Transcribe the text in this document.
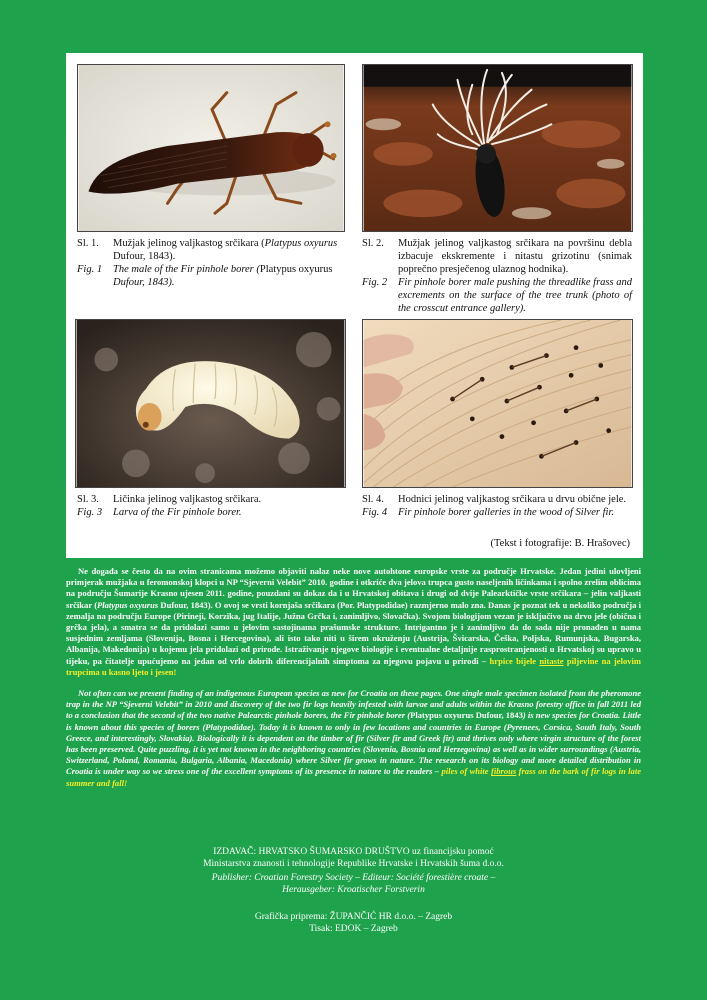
Sl. 1.	Mužjak jelinog valjkastog srčikara (Platypus oxyurus Dufour, 1843).
Fig. 1	The male of the Fir pinhole borer (Platypus oxyurus Dufour, 1843).
Sl. 2.	Mužjak jelinog valjkastog srčikara na površinu debla izbacuje ekskremente i nitastu grizotinu (snimak poprečno presječenog ulaznog hodnika).
Fig. 2	Fir pinhole borer male pushing the threadlike frass and excrements on the surface of the tree trunk (photo of the crosscut entrance gallery).
Sl. 3.	Ličinka jelinog valjkastog srčikara.
Fig. 3	Larva of the Fir pinhole borer.
Sl. 4.	Hodnici jelinog valjkastog srčikara u drvu obične jele.
Fig. 4	Fir pinhole borer galleries in the wood of Silver fir.
(Tekst i fotografije: B. Hrašovec)
Ne događa se često da na ovim stranicama možemo objaviti nalaz neke nove autohtone europske vrste za područje Hrvatske. Jedan jedini ulovljeni primjerak mužjaka u feromonskoj klopci u NP “Sjeverni Velebit” 2010. godine i otkriće dva jelova trupca gusto naseljenih ličinkama i spolno zrelim oblicima na području Šumarije Krasno ujesen 2011. godine, pouzdani su dokaz da i u Hrvatskoj obitava i drugi od dvije Palearktičke vrste srčikara – jelin valjkasti srčikar (Platypus oxyurus Dufour, 1843). O ovoj se vrsti kornjaša srčikara (Por. Platypodidae) razmjerno malo zna. Danas je poznat tek u nekoliko područja i zemalja na području Europe (Pirineji, Korzika, jug Italije, Južna Grčka i, zanimljivo, Slovačka). Svojom biologijom vezan je isključivo na drvo jele (obična i grčka jela), a smatra se da pridolazi samo u jelovim sastojinama prašumske strukture. Intrigantno je i zanimljivo da do sada nije pronađen u nama susjednim zemljama (Slovenija, Bosna i Hercegovina), ali isto tako niti u širem okruženju (Austrija, Švicarska, Češka, Poljska, Rumunjska, Bugarska, Albanija, Makedonija) u kojemu jela pridolazi od prirode. Istraživanje njegove biologije i eventualne detaljnije rasprostranjenosti u Hrvatskoj su upravo u tijeku, pa čitatelje upućujemo na jedan od vrlo dobrih diferencijalnih simptoma za njegovu pojavu u prirodi – hrpice bijele nitaste piljevine na jelovim trupcima u kasno ljeto i jesen!
Not often can we present finding of an indigenous European species as new for Croatia on these pages. One single male specimen isolated from the pheromone trap in the NP “Sjeverni Velebit” in 2010 and discovery of the two fir logs heavily infested with larvae and adults within the Krasno forestry office in fall 2011 led to a conclusion that the second of the two native Palearctic pinhole borers, the Fir pinhole borer (Platypus oxyurus Dufour, 1843) is new species for Croatia. Little is known about this species of borers (Platypodidae). Today it is known to only in few locations and countries in Europe (Pyrenees, Corsica, South Italy, South Greece, and interestingly, Slovakia). Biologically it is dependent on the timber of fir (Silver fir and Greek fir) and thrives only where virgin structure of the forest has been preserved. Quite puzzling, it is yet not known in the neighboring countries (Slovenia, Bosnia and Herzegovina) as well as in wider surroundings (Austria, Switzerland, Poland, Romania, Bulgaria, Albania, Macedonia) where Silver fir grows in nature. The research on its biology and more detailed distribution in Croatia is under way so we stress one of the excellent symptoms of its presence in nature to the readers – piles of white fibrous frass on the bark of fir logs in late summer and fall!
IZDAVAČ: HRVATSKO ŠUMARSKO DRUŠTVO uz financijsku pomoć
Ministarstva znanosti i tehnologije Republike Hrvatske i Hrvatskih šuma d.o.o.
Publisher: Croatian Forestry Society – Editeur: Société forestière croate –
Herausgeber: Kroatischer Forstverin
Grafička priprema: ŽUPANČIĆ HR d.o.o. – Zagreb
Tisak: EDOK – Zagreb
